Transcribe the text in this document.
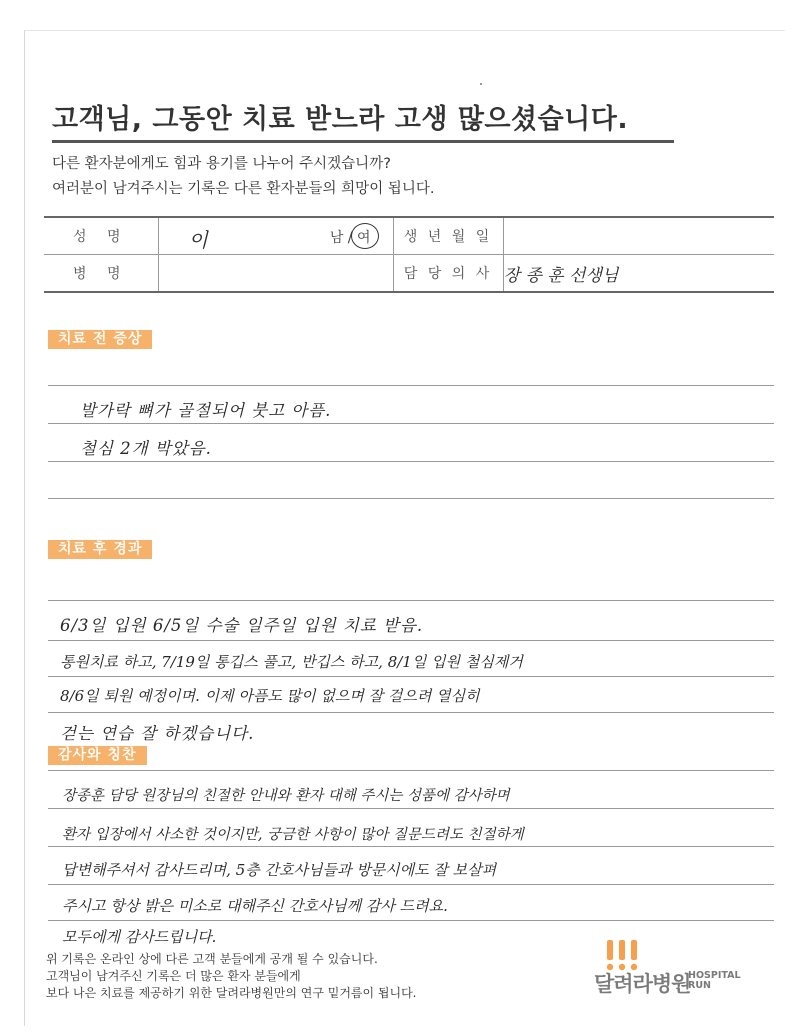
고객님, 그동안 치료 받느라 고생 많으셨습니다.
다른 환자분에게도 힘과 용기를 나누어 주시겠습니까?
여러분이 남겨주시는 기록은 다른 환자분들의 희망이 됩니다.
성 명	이 남 / 여	생 년 월 일	
병 명		담 당 의 사	장 종 훈 선생님
치료 전 증상
발가락 뼈가 골절되어 붓고 아픔.
철심 2개 박았음.
치료 후 경과
6/3일 입원 6/5일 수술 일주일 입원 치료 받음.
통원치료 하고, 7/19일 통깁스 풀고, 반깁스 하고, 8/1일 입원 철심제거
8/6일 퇴원 예정이며. 이제 아픔도 많이 없으며 잘 걸으려 열심히
걷는 연습 잘 하겠습니다.
감사와 칭찬
장종훈 담당 원장님의 친절한 안내와 환자 대해 주시는 성품에 감사하며
환자 입장에서 사소한 것이지만, 궁금한 사항이 많아 질문드려도 친절하게
답변해주셔서 감사드리며, 5층 간호사님들과 방문시에도 잘 보살펴
주시고 항상 밝은 미소로 대해주신 간호사님께 감사 드려요.
모두에게 감사드립니다.
위 기록은 온라인 상에 다른 고객 분들에게 공개 될 수 있습니다.
고객님이 남겨주신 기록은 더 많은 환자 분들에게
보다 나은 치료를 제공하기 위한 달려라병원만의 연구 밑거름이 됩니다.	달려라병원
HOSPITAL RUN
